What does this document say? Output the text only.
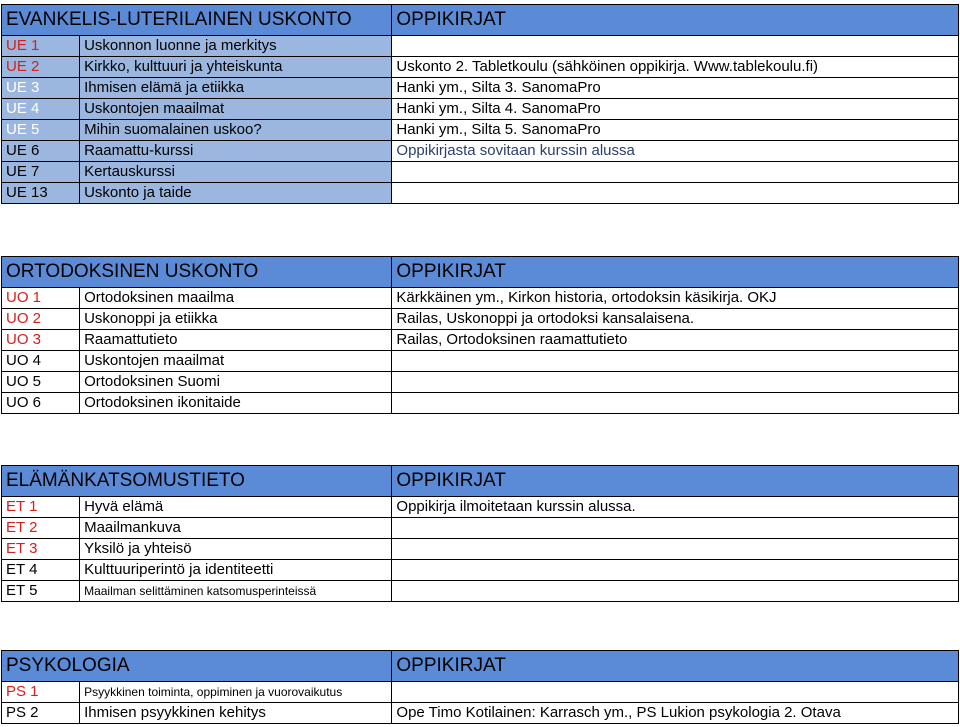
EVANKELIS-LUTERILAINEN USKONTO		OPPIKIRJAT
UE 1	Uskonnon luonne ja merkitys	
UE 2	Kirkko, kulttuuri ja yhteiskunta	Uskonto 2. Tabletkoulu (sähköinen oppikirja. Www.tablekoulu.fi)
UE 3	Ihmisen elämä ja etiikka	Hanki ym., Silta 3. SanomaPro
UE 4	Uskontojen maailmat	Hanki ym., Silta 4. SanomaPro
UE 5	Mihin suomalainen uskoo?	Hanki ym., Silta 5. SanomaPro
UE 6	Raamattu-kurssi	Oppikirjasta sovitaan kurssin alussa
UE 7	Kertauskurssi	
UE 13	Uskonto ja taide	
ORTODOKSINEN USKONTO		OPPIKIRJAT
UO 1	Ortodoksinen maailma	Kärkkäinen ym., Kirkon historia, ortodoksin käsikirja. OKJ
UO 2	Uskonoppi ja etiikka	Railas, Uskonoppi ja ortodoksi kansalaisena.
UO 3	Raamattutieto	Railas, Ortodoksinen raamattutieto
UO 4	Uskontojen maailmat	
UO 5	Ortodoksinen Suomi	
UO 6	Ortodoksinen ikonitaide	
ELÄMÄNKATSOMUSTIETO		OPPIKIRJAT
ET 1	Hyvä elämä	Oppikirja ilmoitetaan kurssin alussa.
ET 2	Maailmankuva	
ET 3	Yksilö ja yhteisö	
ET 4	Kulttuuriperintö ja identiteetti	
ET 5	Maailman selittäminen katsomusperinteissä	
PSYKOLOGIA		OPPIKIRJAT
PS 1	Psyykkinen toiminta, oppiminen ja vuorovaikutus	
PS 2	Ihmisen psyykkinen kehitys	Ope Timo Kotilainen: Karrasch ym., PS Lukion psykologia 2. Otava
